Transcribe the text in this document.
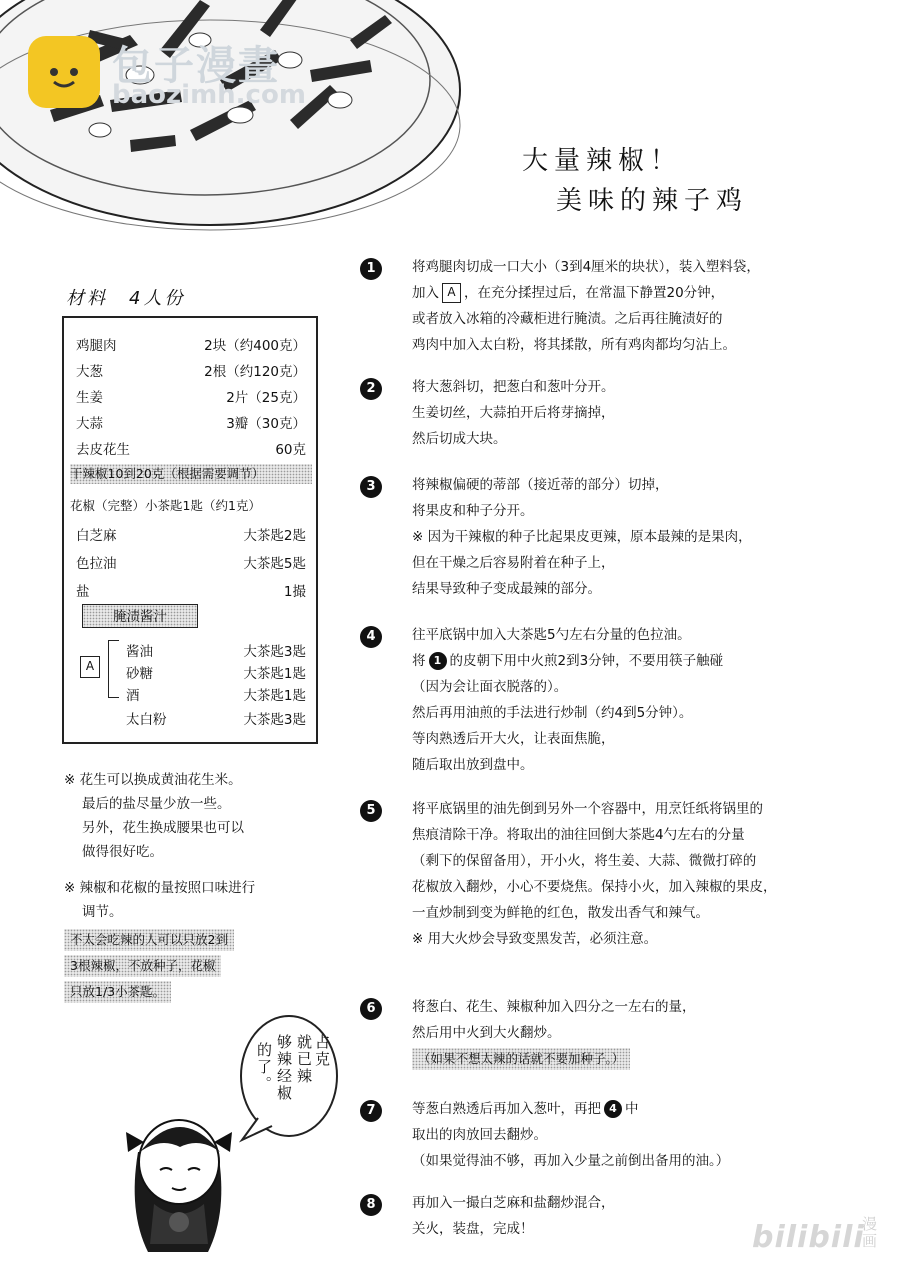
包子漫畫
baozimh.com
大量辣椒！
美味的辣子鸡
材料　4人份
鸡腿肉	2块（约400克）
大葱	2根（约120克）
生姜	2片（25克）
大蒜	3瓣（30克）
去皮花生	60克
干辣椒10到20克（根据需要调节）
花椒（完整）小茶匙1匙（约1克）
白芝麻	大茶匙2匙
色拉油	大茶匙5匙
盐	1撮
腌渍酱汁
A
酱油	大茶匙3匙
砂糖	大茶匙1匙
酒	大茶匙1匙
太白粉	大茶匙3匙
※ 花生可以换成黄油花生米。
最后的盐尽量少放一些。
另外，花生换成腰果也可以
做得很好吃。
※ 辣椒和花椒的量按照口味进行
调节。
不太会吃辣的人可以只放2到
3根辣椒，不放种子，花椒
只放1/3小茶匙。
1	将鸡腿肉切成一口大小（3到4厘米的块状），装入塑料袋，
加入 A ，在充分揉捏过后，在常温下静置20分钟，
或者放入冰箱的冷藏柜进行腌渍。之后再往腌渍好的
鸡肉中加入太白粉，将其揉散，所有鸡肉都均匀沾上。
2	将大葱斜切，把葱白和葱叶分开。
生姜切丝，大蒜拍开后将芽摘掉，
然后切成大块。
3	将辣椒偏硬的蒂部（接近蒂的部分）切掉，
将果皮和种子分开。
※ 因为干辣椒的种子比起果皮更辣，原本最辣的是果肉，
但在干燥之后容易附着在种子上，
结果导致种子变成最辣的部分。
4	往平底锅中加入大茶匙5勺左右分量的色拉油。
将 1 的皮朝下用中火煎2到3分钟，不要用筷子触碰
（因为会让面衣脱落的）。
然后再用油煎的手法进行炒制（约4到5分钟）。
等肉熟透后开大火，让表面焦脆，
随后取出放到盘中。
5	将平底锅里的油先倒到另外一个容器中，用烹饪纸将锅里的
焦痕清除干净。将取出的油往回倒大茶匙4勺左右的分量
（剩下的保留备用），开小火，将生姜、大蒜、微微打碎的
花椒放入翻炒，小心不要烧焦。保持小火，加入辣椒的果皮，
一直炒制到变为鲜艳的红色，散发出香气和辣气。
※ 用大火炒会导致变黑发苦，必须注意。
6	将葱白、花生、辣椒种加入四分之一左右的量，
然后用中火到大火翻炒。
（如果不想太辣的话就不要加种子。）
7	等葱白熟透后再加入葱叶，再把 4 中
取出的肉放回去翻炒。
（如果觉得油不够，再加入少量之前倒出备用的油。）
8	再加入一撮白芝麻和盐翻炒混合，
关火，装盘，完成！
占克
就已辣
够辣经椒
的了。
bilibili
漫画
